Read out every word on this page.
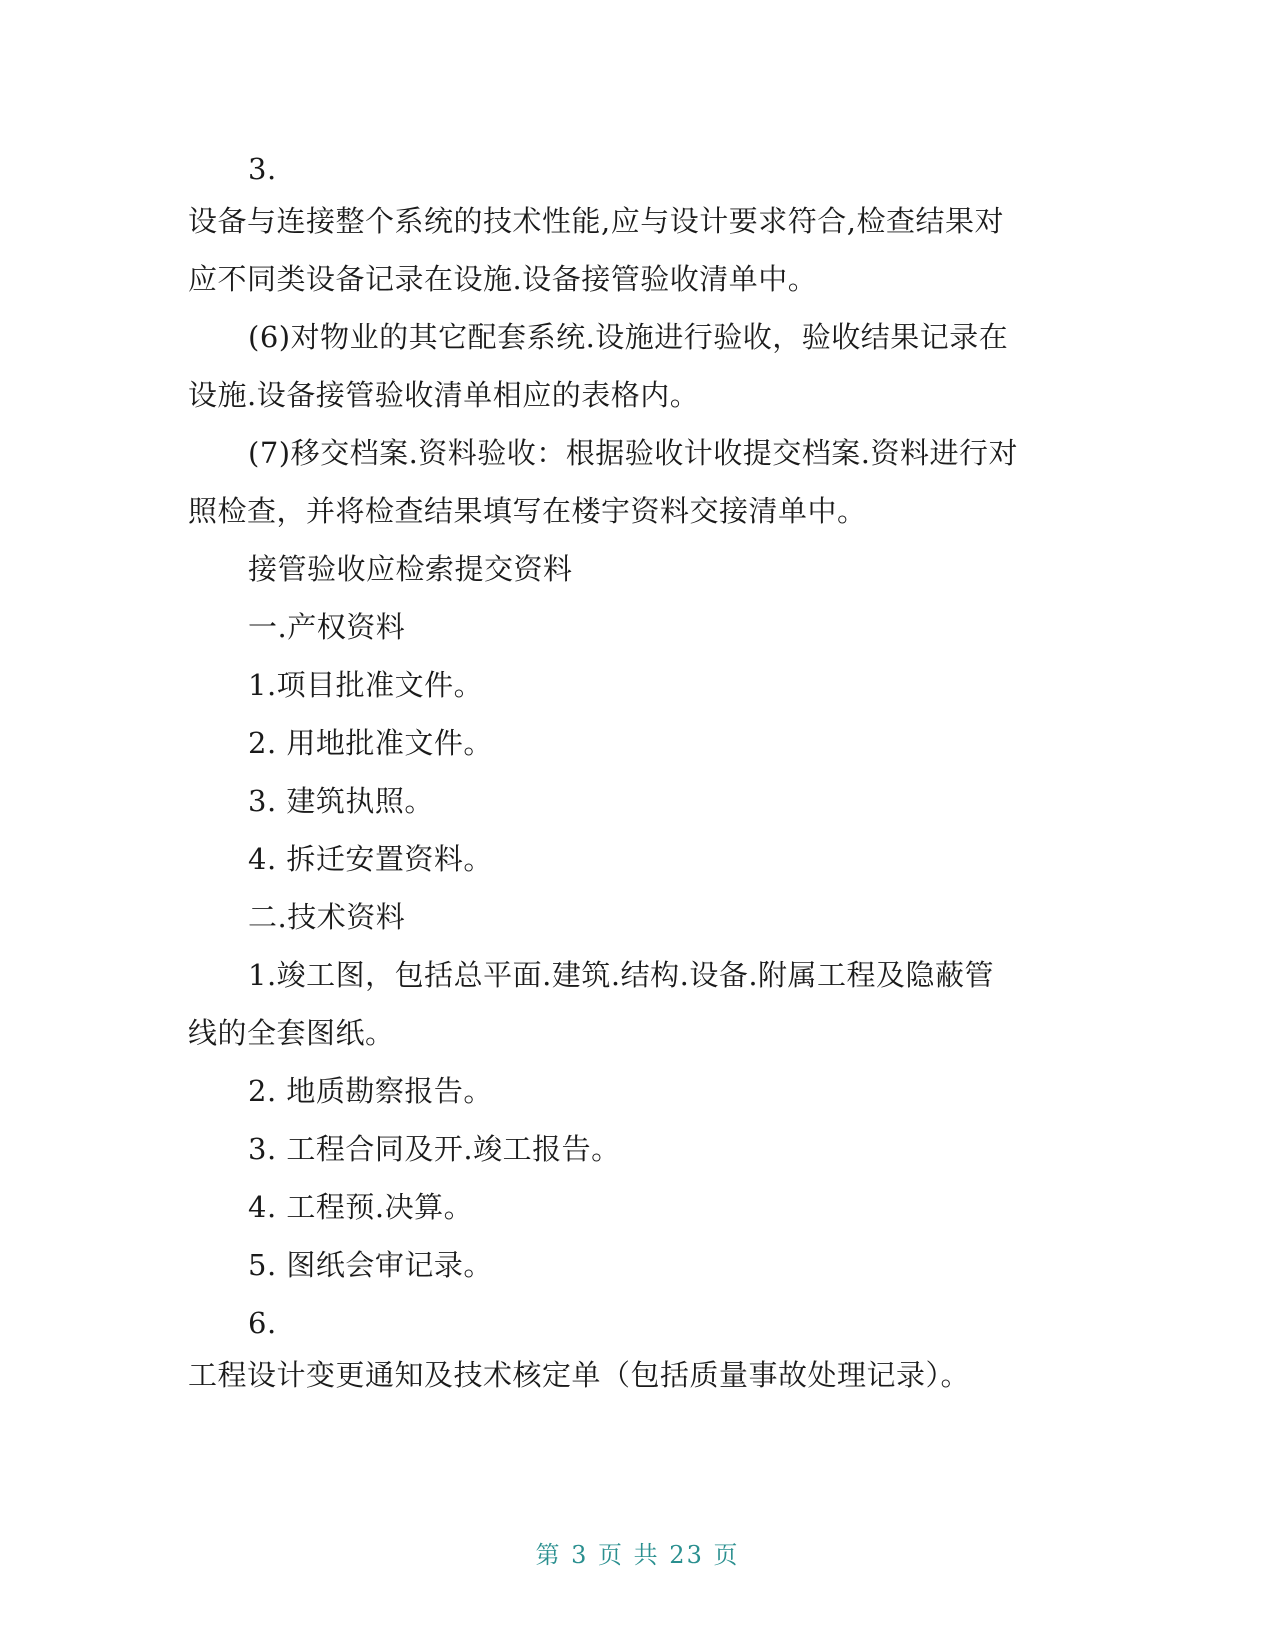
3.
设备与连接整个系统的技术性能,应与设计要求符合,检查结果对
应不同类设备记录在设施.设备接管验收清单中。
(6)对物业的其它配套系统.设施进行验收，验收结果记录在
设施.设备接管验收清单相应的表格内。
(7)移交档案.资料验收：根据验收计收提交档案.资料进行对
照检查，并将检查结果填写在楼宇资料交接清单中。
接管验收应检索提交资料
一.产权资料
1.项目批准文件。
2. 用地批准文件。
3. 建筑执照。
4. 拆迁安置资料。
二.技术资料
1.竣工图，包括总平面.建筑.结构.设备.附属工程及隐蔽管
线的全套图纸。
2. 地质勘察报告。
3. 工程合同及开.竣工报告。
4. 工程预.决算。
5. 图纸会审记录。
6.
工程设计变更通知及技术核定单（包括质量事故处理记录）。
第 3 页 共 23 页
